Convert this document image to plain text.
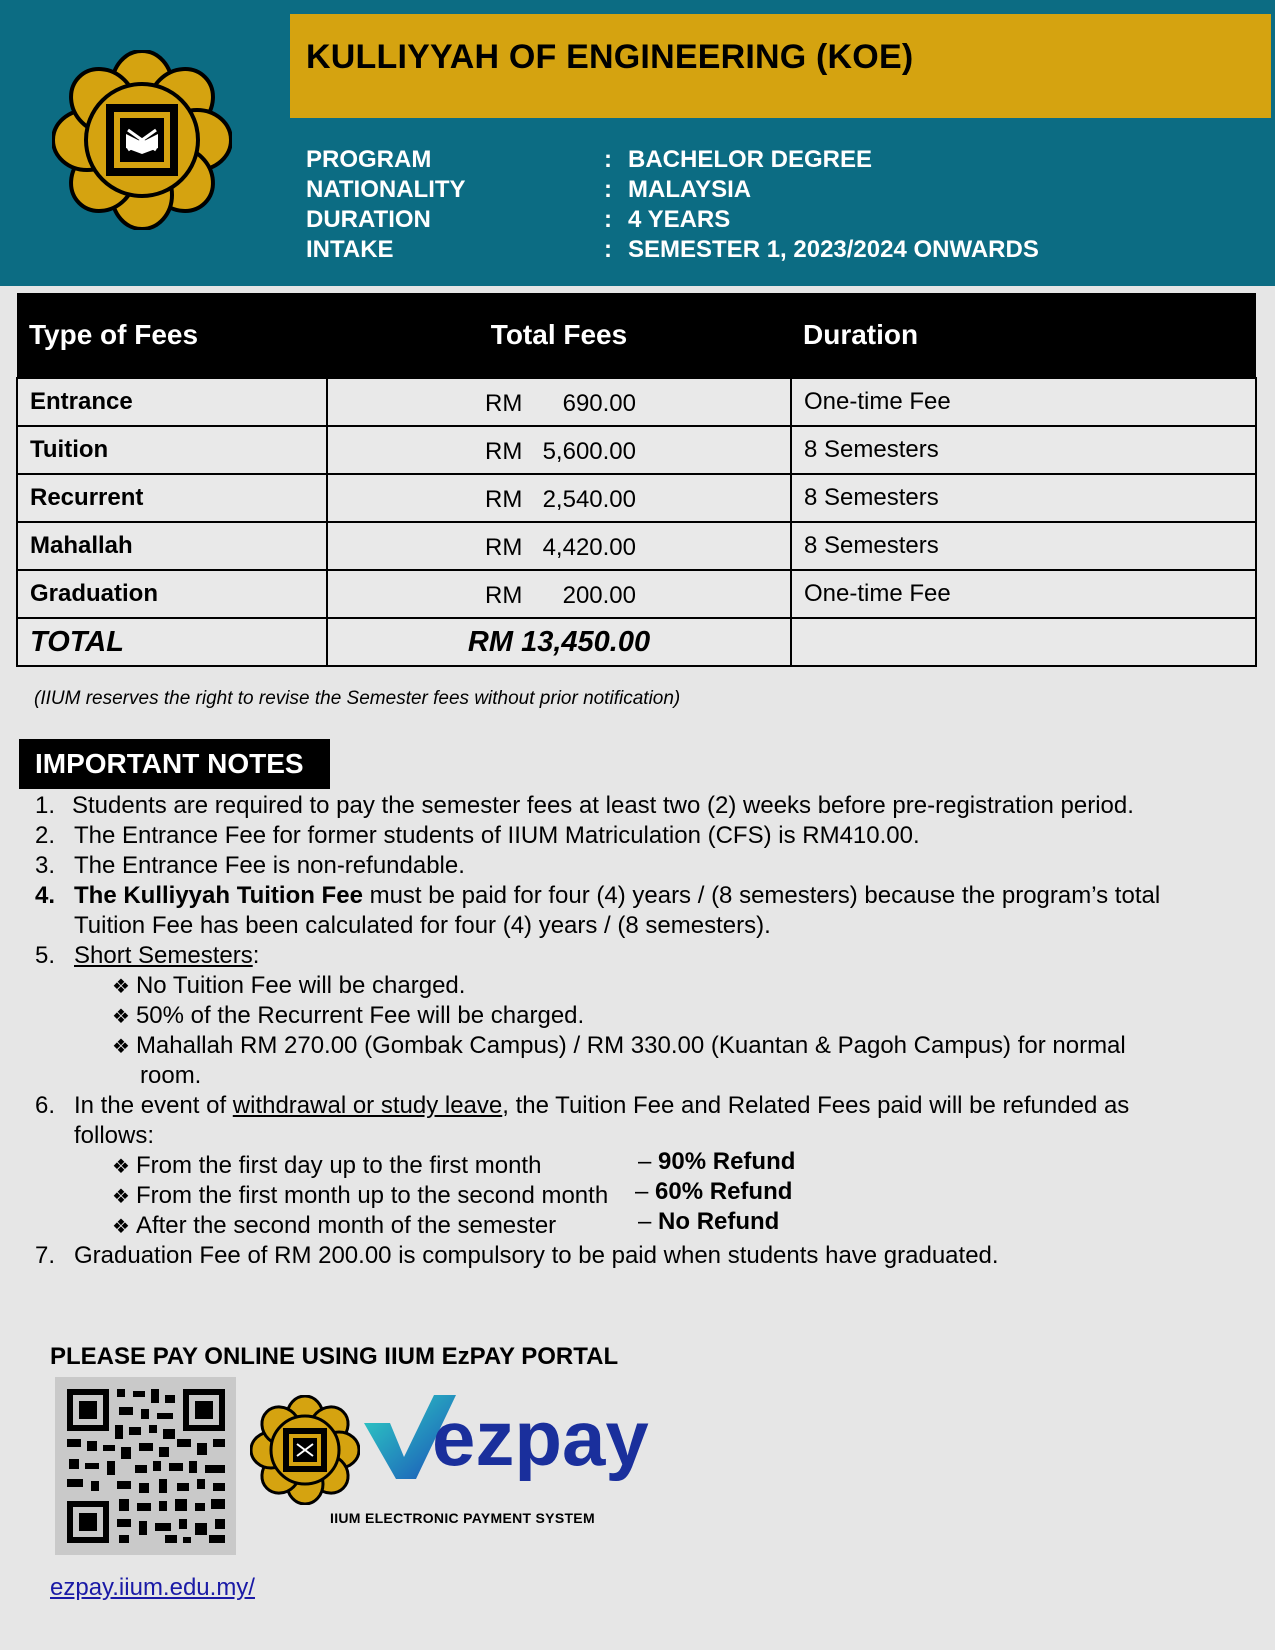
KULLIYYAH OF ENGINEERING (KOE)
PROGRAM	: BACHELOR DEGREE
NATIONALITY	: MALAYSIA
DURATION	: 4 YEARS
INTAKE	: SEMESTER 1, 2023/2024 ONWARDS
Type of Fees	Total Fees	Duration
Entrance	RM 690.00	One-time Fee
Tuition	RM 5,600.00	8 Semesters
Recurrent	RM 2,540.00	8 Semesters
Mahallah	RM 4,420.00	8 Semesters
Graduation	RM 200.00	One-time Fee
TOTAL	RM 13,450.00	
(IIUM reserves the right to revise the Semester fees without prior notification)
IMPORTANT NOTES
1. Students are required to pay the semester fees at least two (2) weeks before pre-registration period.
2. The Entrance Fee for former students of IIUM Matriculation (CFS) is RM410.00.
3. The Entrance Fee is non-refundable.
4. The Kulliyyah Tuition Fee must be paid for four (4) years / (8 semesters) because the program’s total
Tuition Fee has been calculated for four (4) years / (8 semesters).
5. Short Semesters:
❖ No Tuition Fee will be charged.
❖ 50% of the Recurrent Fee will be charged.
❖ Mahallah RM 270.00 (Gombak Campus) / RM 330.00 (Kuantan & Pagoh Campus) for normal
room.
6. In the event of withdrawal or study leave, the Tuition Fee and Related Fees paid will be refunded as
follows:
❖ From the first day up to the first month	– 90% Refund
❖ From the first month up to the second month – 60% Refund
❖ After the second month of the semester	– No Refund
7. Graduation Fee of RM 200.00 is compulsory to be paid when students have graduated.
PLEASE PAY ONLINE USING IIUM EzPAY PORTAL
ezpay
IIUM ELECTRONIC PAYMENT SYSTEM
ezpay.iium.edu.my/
